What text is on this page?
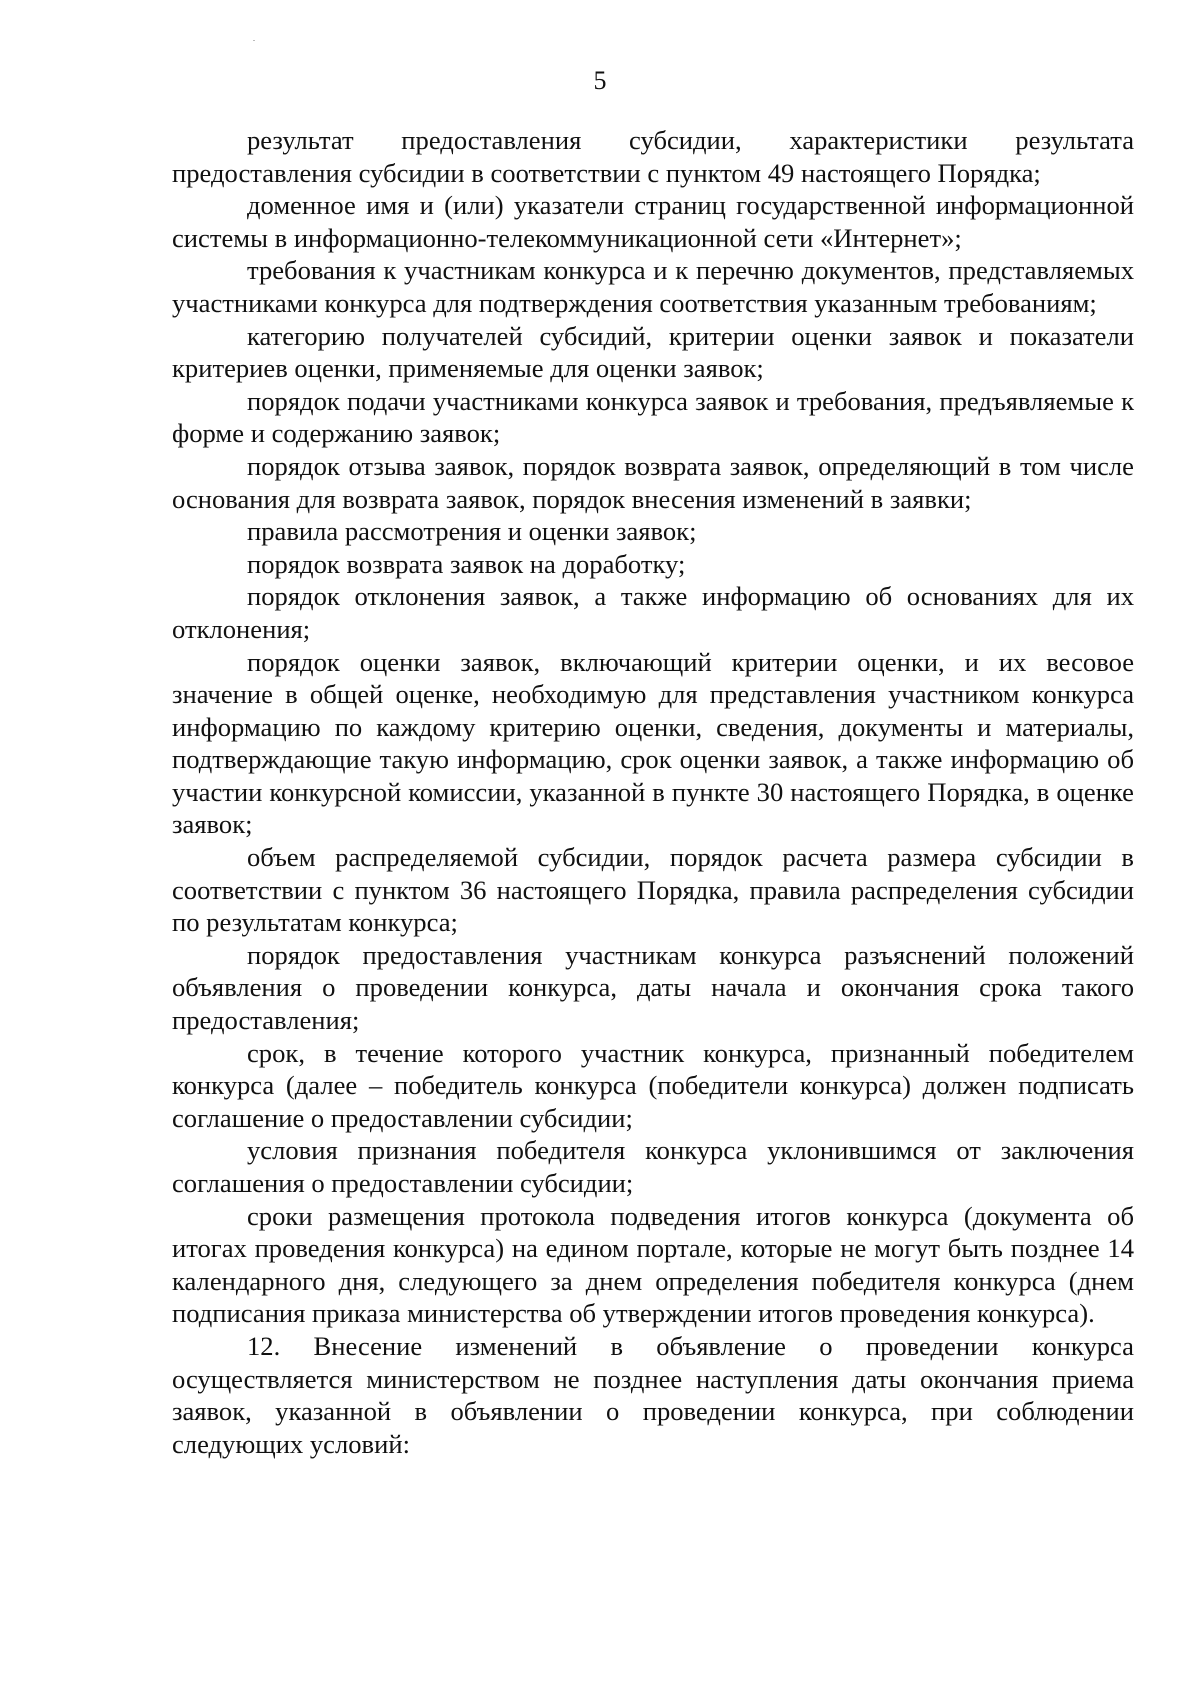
5

результат предоставления субсидии, характеристики результата предоставления субсидии в соответствии с пунктом 49 настоящего Порядка;

доменное имя и (или) указатели страниц государственной информационной системы в информационно-телекоммуникационной сети «Интернет»;

требования к участникам конкурса и к перечню документов, представляемых участниками конкурса для подтверждения соответствия указанным требованиям;

категорию получателей субсидий, критерии оценки заявок и показатели критериев оценки, применяемые для оценки заявок;

порядок подачи участниками конкурса заявок и требования, предъявляемые к форме и содержанию заявок;

порядок отзыва заявок, порядок возврата заявок, определяющий в том числе основания для возврата заявок, порядок внесения изменений в заявки;

правила рассмотрения и оценки заявок;

порядок возврата заявок на доработку;

порядок отклонения заявок, а также информацию об основаниях для их отклонения;

порядок оценки заявок, включающий критерии оценки, и их весовое значение в общей оценке, необходимую для представления участником конкурса информацию по каждому критерию оценки, сведения, документы и материалы, подтверждающие такую информацию, срок оценки заявок, а также информацию об участии конкурсной комиссии, указанной в пункте 30 настоящего Порядка, в оценке заявок;

объем распределяемой субсидии, порядок расчета размера субсидии в соответствии с пунктом 36 настоящего Порядка, правила распределения субсидии по результатам конкурса;

порядок предоставления участникам конкурса разъяснений положений объявления о проведении конкурса, даты начала и окончания срока такого предоставления;

срок, в течение которого участник конкурса, признанный победителем конкурса (далее – победитель конкурса (победители конкурса) должен подписать соглашение о предоставлении субсидии;

условия признания победителя конкурса уклонившимся от заключения соглашения о предоставлении субсидии;

сроки размещения протокола подведения итогов конкурса (документа об итогах проведения конкурса) на едином портале, которые не могут быть позднее 14 календарного дня, следующего за днем определения победителя конкурса (днем подписания приказа министерства об утверждении итогов проведения конкурса).

12. Внесение изменений в объявление о проведении конкурса осуществляется министерством не позднее наступления даты окончания приема заявок, указанной в объявлении о проведении конкурса, при соблюдении следующих условий:
